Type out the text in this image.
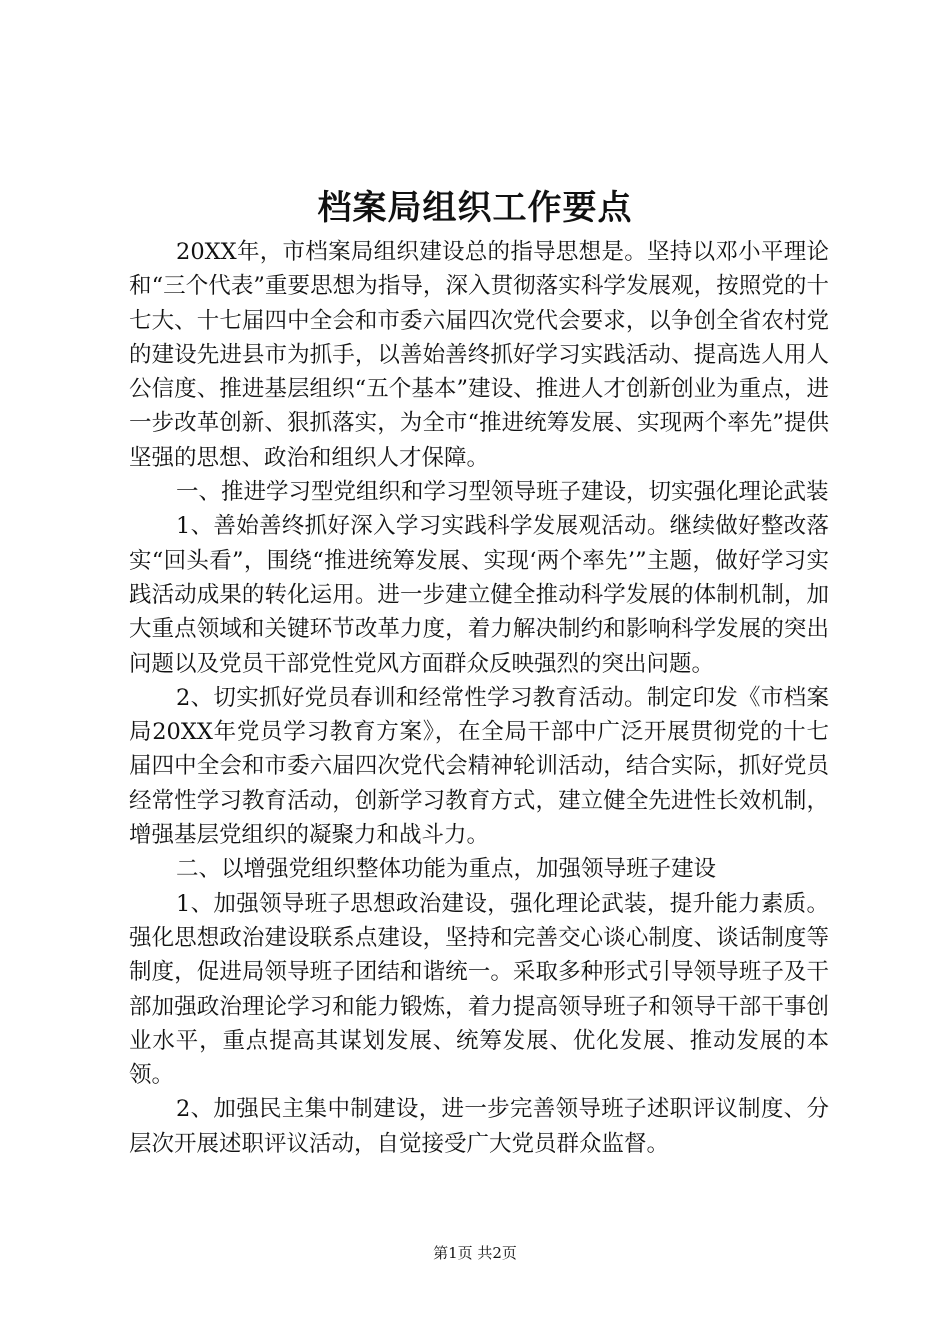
档案局组织工作要点

20XX年，市档案局组织建设总的指导思想是。坚持以邓小平理论和“三个代表”重要思想为指导，深入贯彻落实科学发展观，按照党的十七大、十七届四中全会和市委六届四次党代会要求，以争创全省农村党的建设先进县市为抓手，以善始善终抓好学习实践活动、提高选人用人公信度、推进基层组织“五个基本”建设、推进人才创新创业为重点，进一步改革创新、狠抓落实，为全市“推进统筹发展、实现两个率先”提供坚强的思想、政治和组织人才保障。

一、推进学习型党组织和学习型领导班子建设，切实强化理论武装

1、善始善终抓好深入学习实践科学发展观活动。继续做好整改落实“回头看”，围绕“推进统筹发展、实现‘两个率先’”主题，做好学习实践活动成果的转化运用。进一步建立健全推动科学发展的体制机制，加大重点领域和关键环节改革力度，着力解决制约和影响科学发展的突出问题以及党员干部党性党风方面群众反映强烈的突出问题。

2、切实抓好党员春训和经常性学习教育活动。制定印发《市档案局20XX年党员学习教育方案》，在全局干部中广泛开展贯彻党的十七届四中全会和市委六届四次党代会精神轮训活动，结合实际，抓好党员经常性学习教育活动，创新学习教育方式，建立健全先进性长效机制，增强基层党组织的凝聚力和战斗力。

二、以增强党组织整体功能为重点，加强领导班子建设

1、加强领导班子思想政治建设，强化理论武装，提升能力素质。强化思想政治建设联系点建设，坚持和完善交心谈心制度、谈话制度等制度，促进局领导班子团结和谐统一。采取多种形式引导领导班子及干部加强政治理论学习和能力锻炼，着力提高领导班子和领导干部干事创业水平，重点提高其谋划发展、统筹发展、优化发展、推动发展的本领。

2、加强民主集中制建设，进一步完善领导班子述职评议制度、分层次开展述职评议活动，自觉接受广大党员群众监督。

第1页 共2页
